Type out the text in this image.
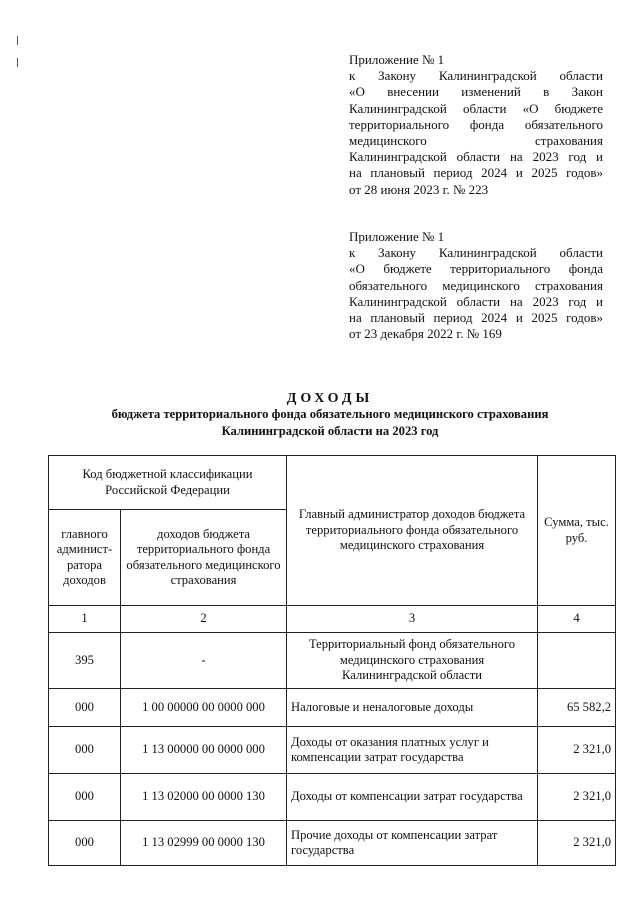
Приложение № 1
к Закону Калининградской области
«О внесении изменений в Закон
Калининградской области «О бюджете
территориального фонда обязательного
медицинского страхования
Калининградской области на 2023 год и
на плановый период 2024 и 2025 годов»
от 28 июня 2023 г. № 223
Приложение № 1
к Закону Калининградской области
«О бюджете территориального фонда
обязательного медицинского страхования
Калининградской области на 2023 год и
на плановый период 2024 и 2025 годов»
от 23 декабря 2022 г. № 169
ДОХОДЫ
бюджета территориального фонда обязательного медицинского страхования
Калининградской области на 2023 год
Код бюджетной классификации Российской Федерации		Главный администратор доходов бюджета территориального фонда обязательного медицинского страхования	Сумма, тыс. руб.
главного админист-ратора доходов	доходов бюджета территориального фонда обязательного медицинского страхования		
1	2	3	4
395	-	Территориальный фонд обязательного медицинского страхования Калининградской области	
000	1 00 00000 00 0000 000	Налоговые и неналоговые доходы	65 582,2
000	1 13 00000 00 0000 000	Доходы от оказания платных услуг и компенсации затрат государства	2 321,0
000	1 13 02000 00 0000 130	Доходы от компенсации затрат государства	2 321,0
000	1 13 02999 00 0000 130	Прочие доходы от компенсации затрат государства	2 321,0
